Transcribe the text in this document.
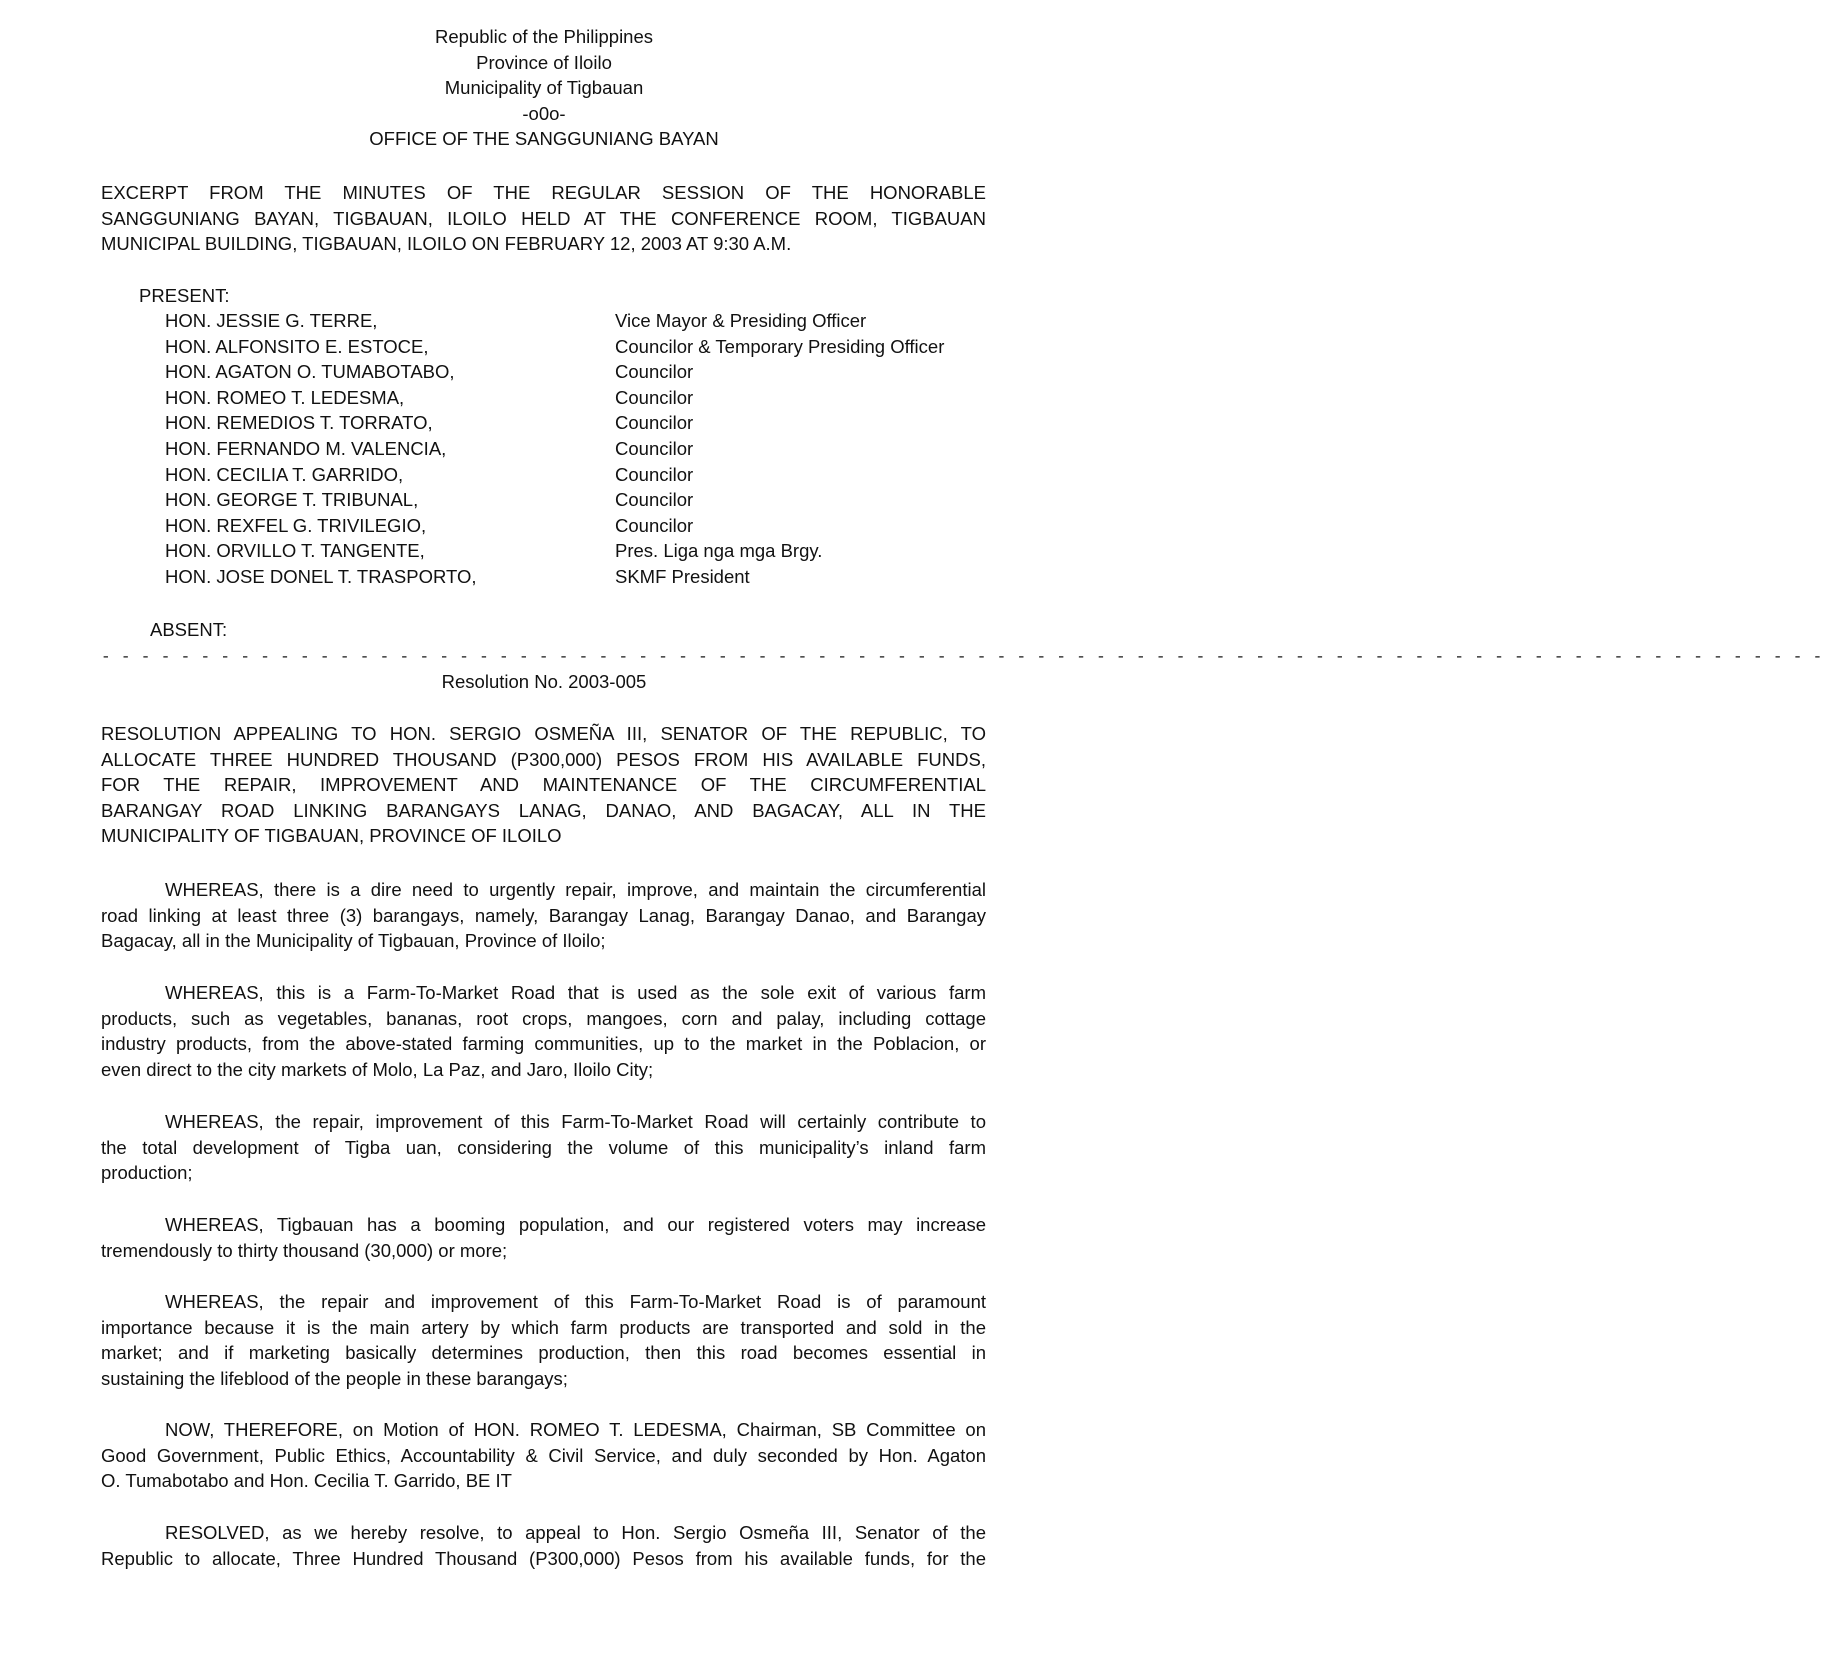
Republic of the Philippines
Province of Iloilo
Municipality of Tigbauan
-o0o-
OFFICE OF THE SANGGUNIANG BAYAN
EXCERPT FROM THE MINUTES OF THE REGULAR SESSION OF THE HONORABLE
SANGGUNIANG BAYAN, TIGBAUAN, ILOILO HELD AT THE CONFERENCE ROOM, TIGBAUAN
MUNICIPAL BUILDING, TIGBAUAN, ILOILO ON FEBRUARY 12, 2003 AT 9:30 A.M.
PRESENT:
HON. JESSIE G. TERRE,	Vice Mayor & Presiding Officer
HON. ALFONSITO E. ESTOCE,	Councilor & Temporary Presiding Officer
HON. AGATON O. TUMABOTABO,	Councilor
HON. ROMEO T. LEDESMA,	Councilor
HON. REMEDIOS T. TORRATO,	Councilor
HON. FERNANDO M. VALENCIA,	Councilor
HON. CECILIA T. GARRIDO,	Councilor
HON. GEORGE T. TRIBUNAL,	Councilor
HON. REXFEL G. TRIVILEGIO,	Councilor
HON. ORVILLO T. TANGENTE,	Pres. Liga nga mga Brgy.
HON. JOSE DONEL T. TRASPORTO,	SKMF President
ABSENT:
- - - - - - - - - - - - - - - - - - - - - - - - - - - - - - - - - - - - - - - - - - - - - - - - - - - - - - - - - - - - - - - - - - - - - - - - - - - - - - - - - - - - - - -
Resolution No. 2003-005
RESOLUTION APPEALING TO HON. SERGIO OSMEÑA III, SENATOR OF THE REPUBLIC, TO
ALLOCATE THREE HUNDRED THOUSAND (P300,000) PESOS FROM HIS AVAILABLE FUNDS,
FOR THE REPAIR, IMPROVEMENT AND MAINTENANCE OF THE CIRCUMFERENTIAL
BARANGAY ROAD LINKING BARANGAYS LANAG, DANAO, AND BAGACAY, ALL IN THE
MUNICIPALITY OF TIGBAUAN, PROVINCE OF ILOILO
WHEREAS, there is a dire need to urgently repair, improve, and maintain the circumferential
road linking at least three (3) barangays, namely, Barangay Lanag, Barangay Danao, and Barangay
Bagacay, all in the Municipality of Tigbauan, Province of Iloilo;
WHEREAS, this is a Farm-To-Market Road that is used as the sole exit of various farm
products, such as vegetables, bananas, root crops, mangoes, corn and palay, including cottage
industry products, from the above-stated farming communities, up to the market in the Poblacion, or
even direct to the city markets of Molo, La Paz, and Jaro, Iloilo City;
WHEREAS, the repair, improvement of this Farm-To-Market Road will certainly contribute to
the total development of Tigba uan, considering the volume of this municipality’s inland farm
production;
WHEREAS, Tigbauan has a booming population, and our registered voters may increase
tremendously to thirty thousand (30,000) or more;
WHEREAS, the repair and improvement of this Farm-To-Market Road is of paramount
importance because it is the main artery by which farm products are transported and sold in the
market; and if marketing basically determines production, then this road becomes essential in
sustaining the lifeblood of the people in these barangays;
NOW, THEREFORE, on Motion of HON. ROMEO T. LEDESMA, Chairman, SB Committee on
Good Government, Public Ethics, Accountability & Civil Service, and duly seconded by Hon. Agaton
O. Tumabotabo and Hon. Cecilia T. Garrido, BE IT
RESOLVED, as we hereby resolve, to appeal to Hon. Sergio Osmeña III, Senator of the
Republic to allocate, Three Hundred Thousand (P300,000) Pesos from his available funds, for the
